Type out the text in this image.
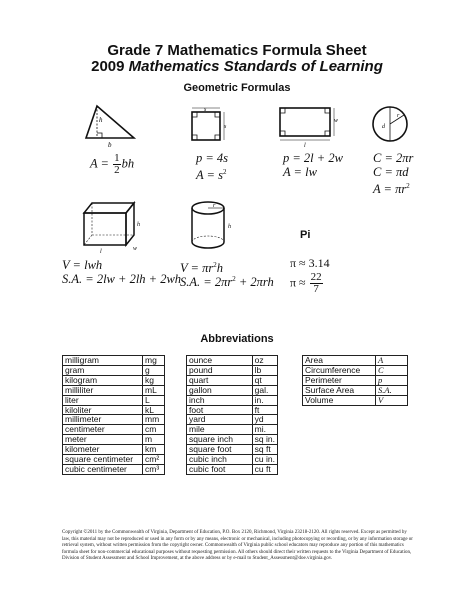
Grade 7 Mathematics Formula Sheet
2009 Mathematics Standards of Learning
Geometric Formulas
h
b
$A = \frac{1}{2}$ bh
s
s
p = 4s
$A = s^2$
w
l
p = 2l + 2w
A = lw
d
r
C = 2πr
C = πd
$A = \pi r^2$
h
l	w
V = lwh
S.A. = 2lw + 2lh + 2wh
r
h
$V = \pi r^2h$
S.A. = $2\pi r^2 + 2\pi rh$
Pi
π ≈ 3.14
$\pi \approx \frac{22}{7}$
Abbreviations
milligram	mg
gram	g
kilogram	kg
milliliter	mL
liter	L
kiloliter	kL
millimeter	mm
centimeter	cm
meter	m
kilometer	km
square centimeter	cm²
cubic centimeter	cm³
ounce	oz
pound	lb
quart	qt
gallon	gal.
inch	in.
foot	ft
yard	yd
mile	mi.
square inch	sq in.
square foot	sq ft
cubic inch	cu in.
cubic foot	cu ft
Area	A
Circumference	C
Perimeter	p
Surface Area	S.A.
Volume	V
Copyright ©2011 by the Commonwealth of Virginia, Department of Education, P.O. Box 2120, Richmond, Virginia 23218-2120. All rights reserved. Except as permitted by law, this material may not be reproduced or used in any form or by any means, electronic or mechanical, including photocopying or recording, or by any information storage or retrieval system, without written permission from the copyright owner. Commonwealth of Virginia public school educators may reproduce any portion of this mathematics formula sheet for non-commercial educational purposes without requesting permission. All others should direct their written requests to the Virginia Department of Education, Division of Student Assessment and School Improvement, at the above address or by e-mail to Student_Assessment@doe.virginia.gov.
